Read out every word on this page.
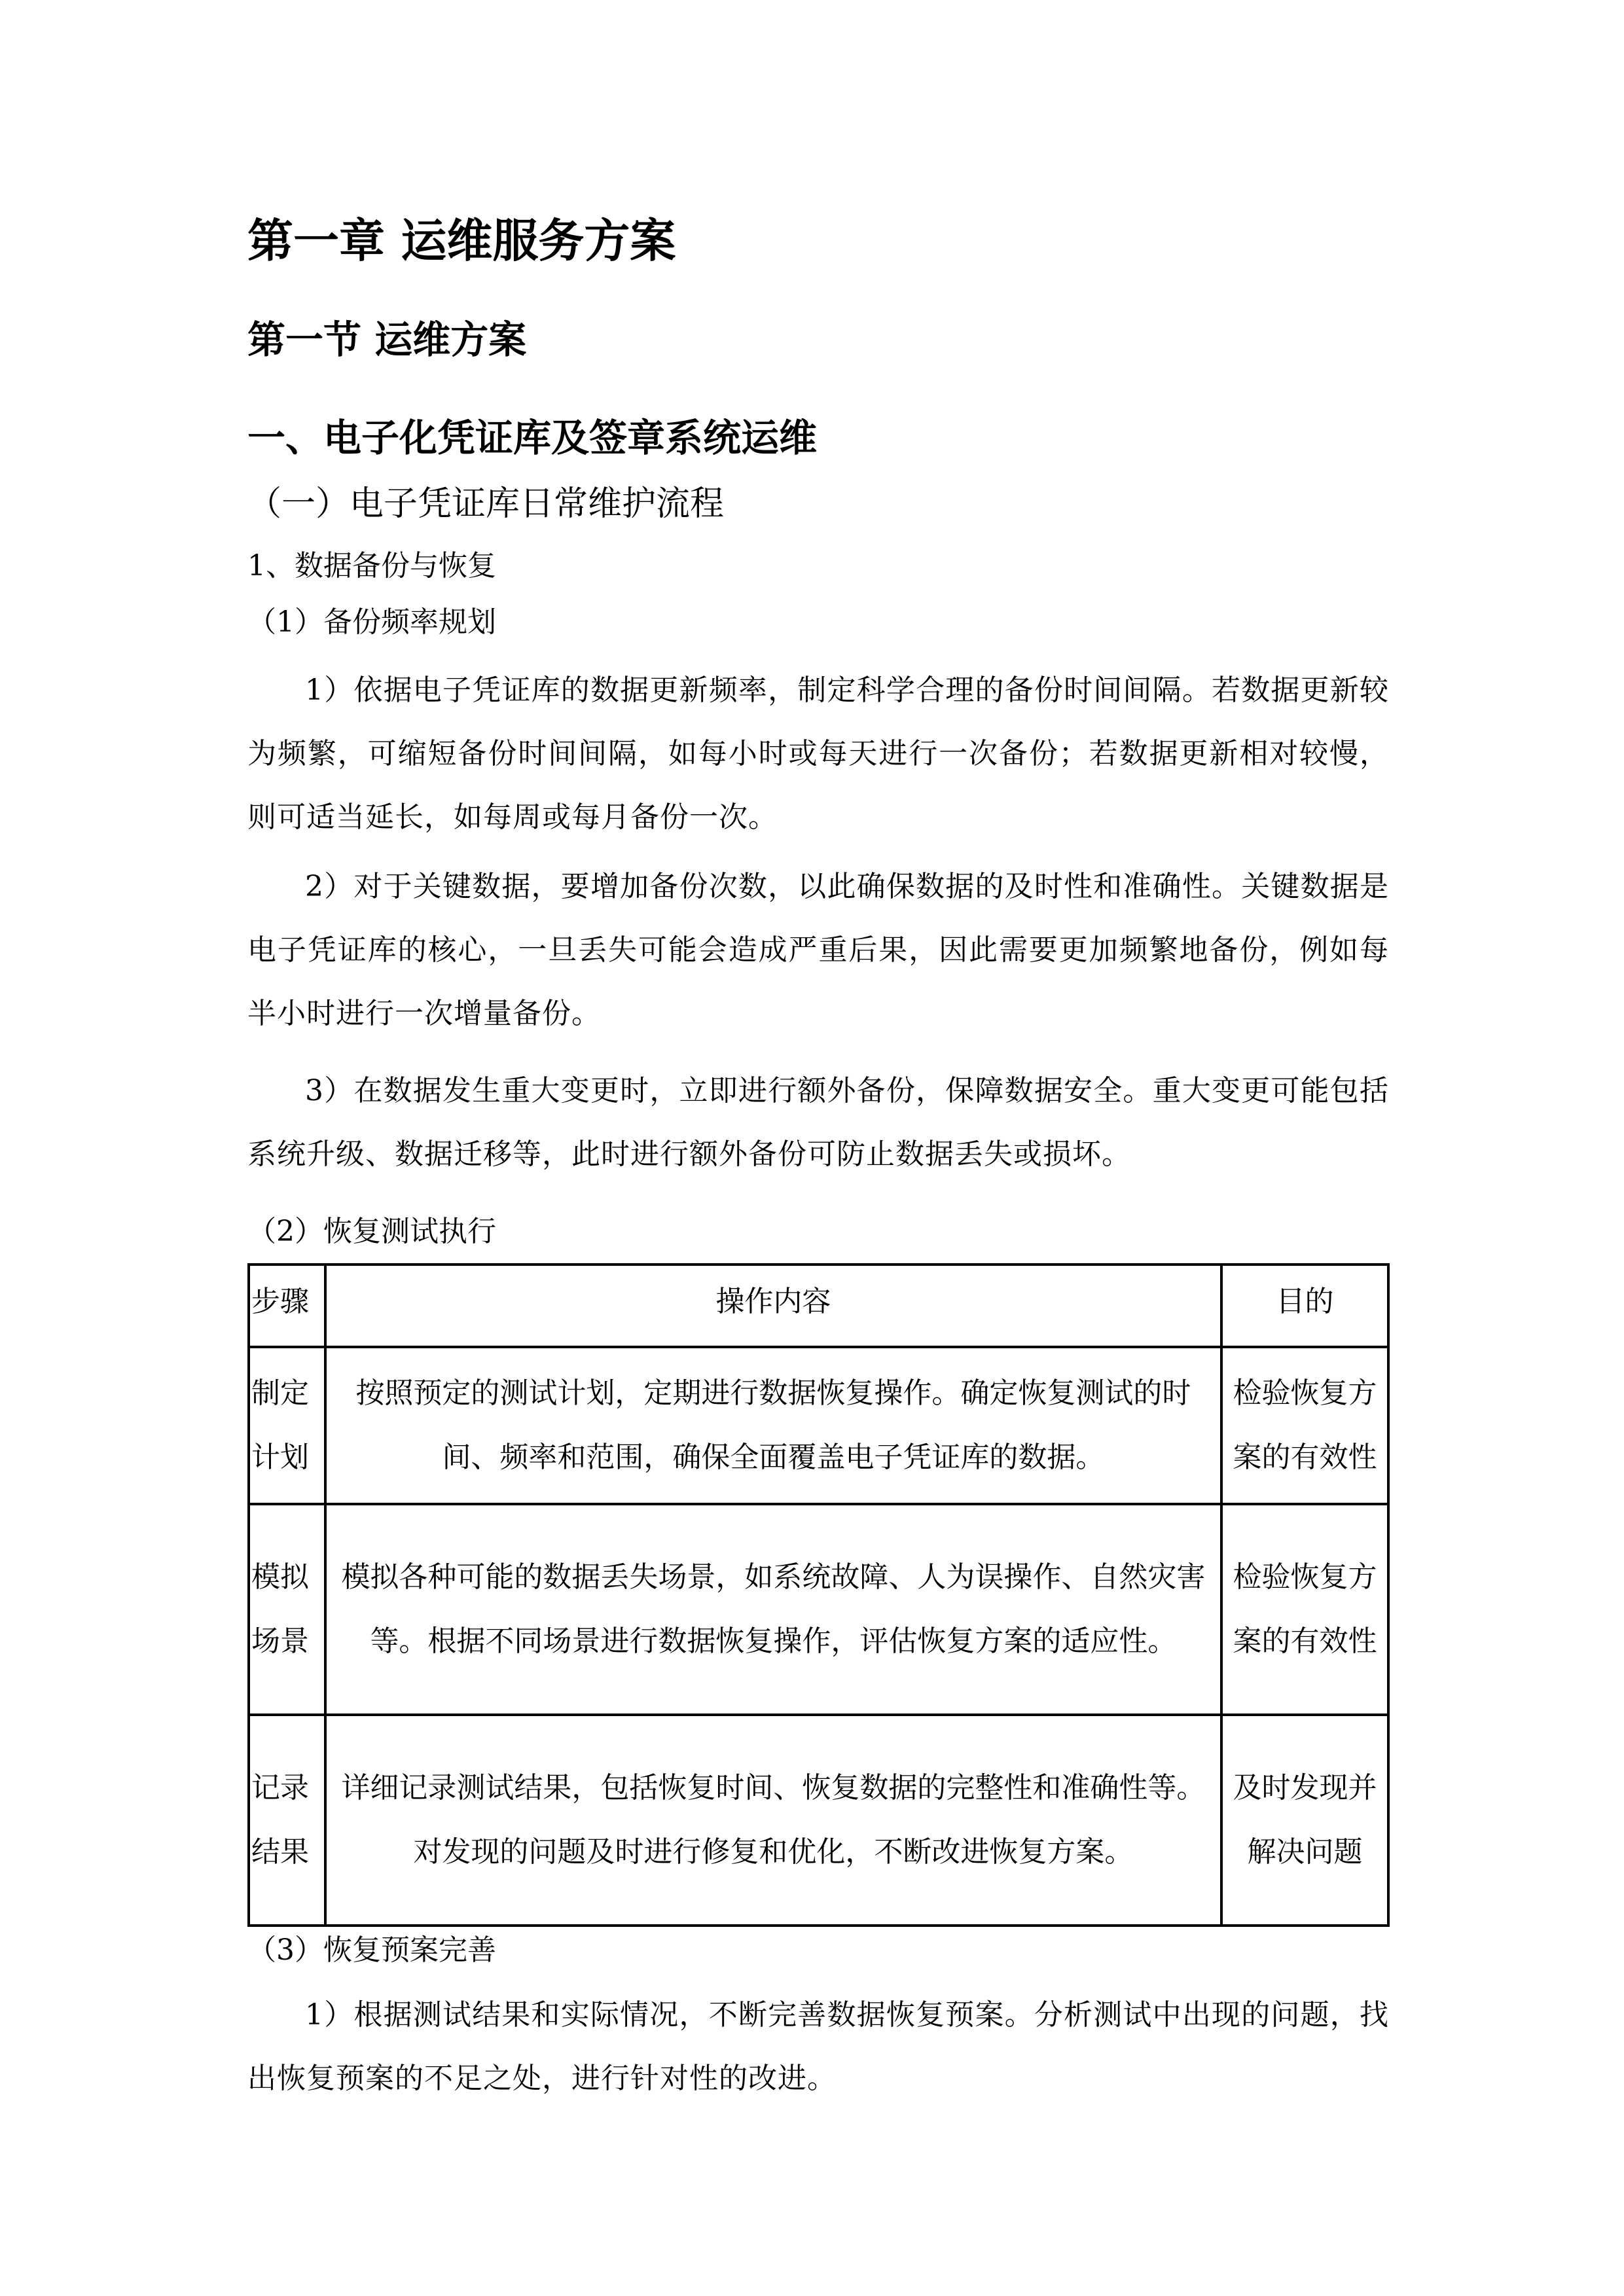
第一章 运维服务方案
第一节 运维方案
一、电子化凭证库及签章系统运维
（一）电子凭证库日常维护流程
1、数据备份与恢复
（1）备份频率规划

1）依据电子凭证库的数据更新频率，制定科学合理的备份时间间隔。若数据更新较为频繁，可缩短备份时间间隔，如每小时或每天进行一次备份；若数据更新相对较慢，则可适当延长，如每周或每月备份一次。

2）对于关键数据，要增加备份次数，以此确保数据的及时性和准确性。关键数据是电子凭证库的核心，一旦丢失可能会造成严重后果，因此需要更加频繁地备份，例如每半小时进行一次增量备份。

3）在数据发生重大变更时，立即进行额外备份，保障数据安全。重大变更可能包括系统升级、数据迁移等，此时进行额外备份可防止数据丢失或损坏。

（2）恢复测试执行
步骤	操作内容	目的
制定计划	按照预定的测试计划，定期进行数据恢复操作。确定恢复测试的时间、频率和范围，确保全面覆盖电子凭证库的数据。	检验恢复方案的有效性
模拟场景	模拟各种可能的数据丢失场景，如系统故障、人为误操作、自然灾害等。根据不同场景进行数据恢复操作，评估恢复方案的适应性。	检验恢复方案的有效性
记录结果	详细记录测试结果，包括恢复时间、恢复数据的完整性和准确性等。对发现的问题及时进行修复和优化，不断改进恢复方案。	及时发现并解决问题
（3）恢复预案完善

1）根据测试结果和实际情况，不断完善数据恢复预案。分析测试中出现的问题，找出恢复预案的不足之处，进行针对性的改进。
